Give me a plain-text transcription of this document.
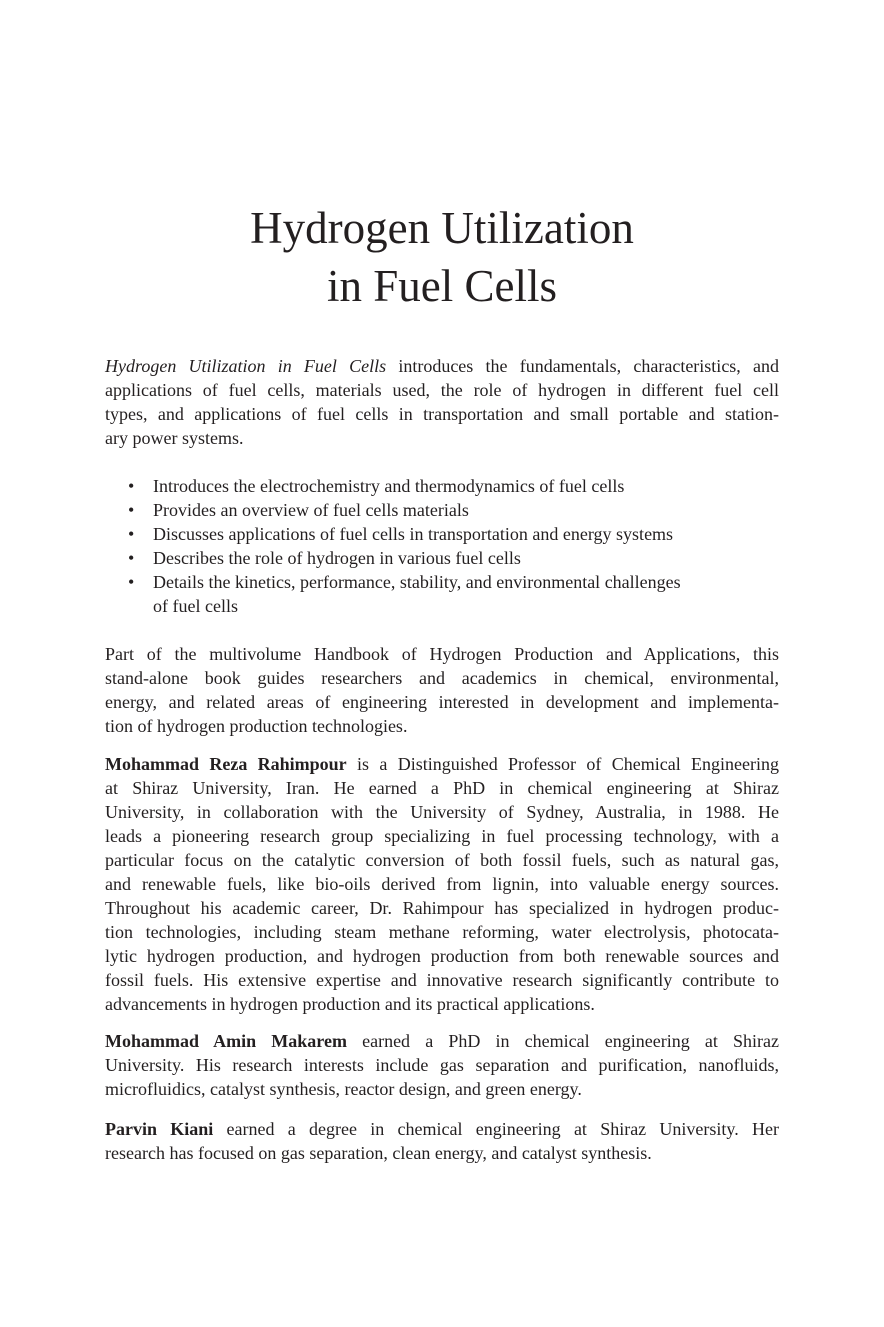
Hydrogen Utilization
in Fuel Cells
Hydrogen Utilization in Fuel Cells introduces the fundamentals, characteristics, and
applications of fuel cells, materials used, the role of hydrogen in different fuel cell
types, and applications of fuel cells in transportation and small portable and station-
ary power systems.
• Introduces the electrochemistry and thermodynamics of fuel cells
• Provides an overview of fuel cells materials
• Discusses applications of fuel cells in transportation and energy systems
• Describes the role of hydrogen in various fuel cells
• Details the kinetics, performance, stability, and environmental challenges
of fuel cells
Part of the multivolume Handbook of Hydrogen Production and Applications, this
stand-alone book guides researchers and academics in chemical, environmental,
energy, and related areas of engineering interested in development and implementa-
tion of hydrogen production technologies.
Mohammad Reza Rahimpour is a Distinguished Professor of Chemical Engineering
at Shiraz University, Iran. He earned a PhD in chemical engineering at Shiraz
University, in collaboration with the University of Sydney, Australia, in 1988. He
leads a pioneering research group specializing in fuel processing technology, with a
particular focus on the catalytic conversion of both fossil fuels, such as natural gas,
and renewable fuels, like bio-oils derived from lignin, into valuable energy sources.
Throughout his academic career, Dr. Rahimpour has specialized in hydrogen produc-
tion technologies, including steam methane reforming, water electrolysis, photocata-
lytic hydrogen production, and hydrogen production from both renewable sources and
fossil fuels. His extensive expertise and innovative research significantly contribute to
advancements in hydrogen production and its practical applications.
Mohammad Amin Makarem earned a PhD in chemical engineering at Shiraz
University. His research interests include gas separation and purification, nanofluids,
microfluidics, catalyst synthesis, reactor design, and green energy.
Parvin Kiani earned a degree in chemical engineering at Shiraz University. Her
research has focused on gas separation, clean energy, and catalyst synthesis.
